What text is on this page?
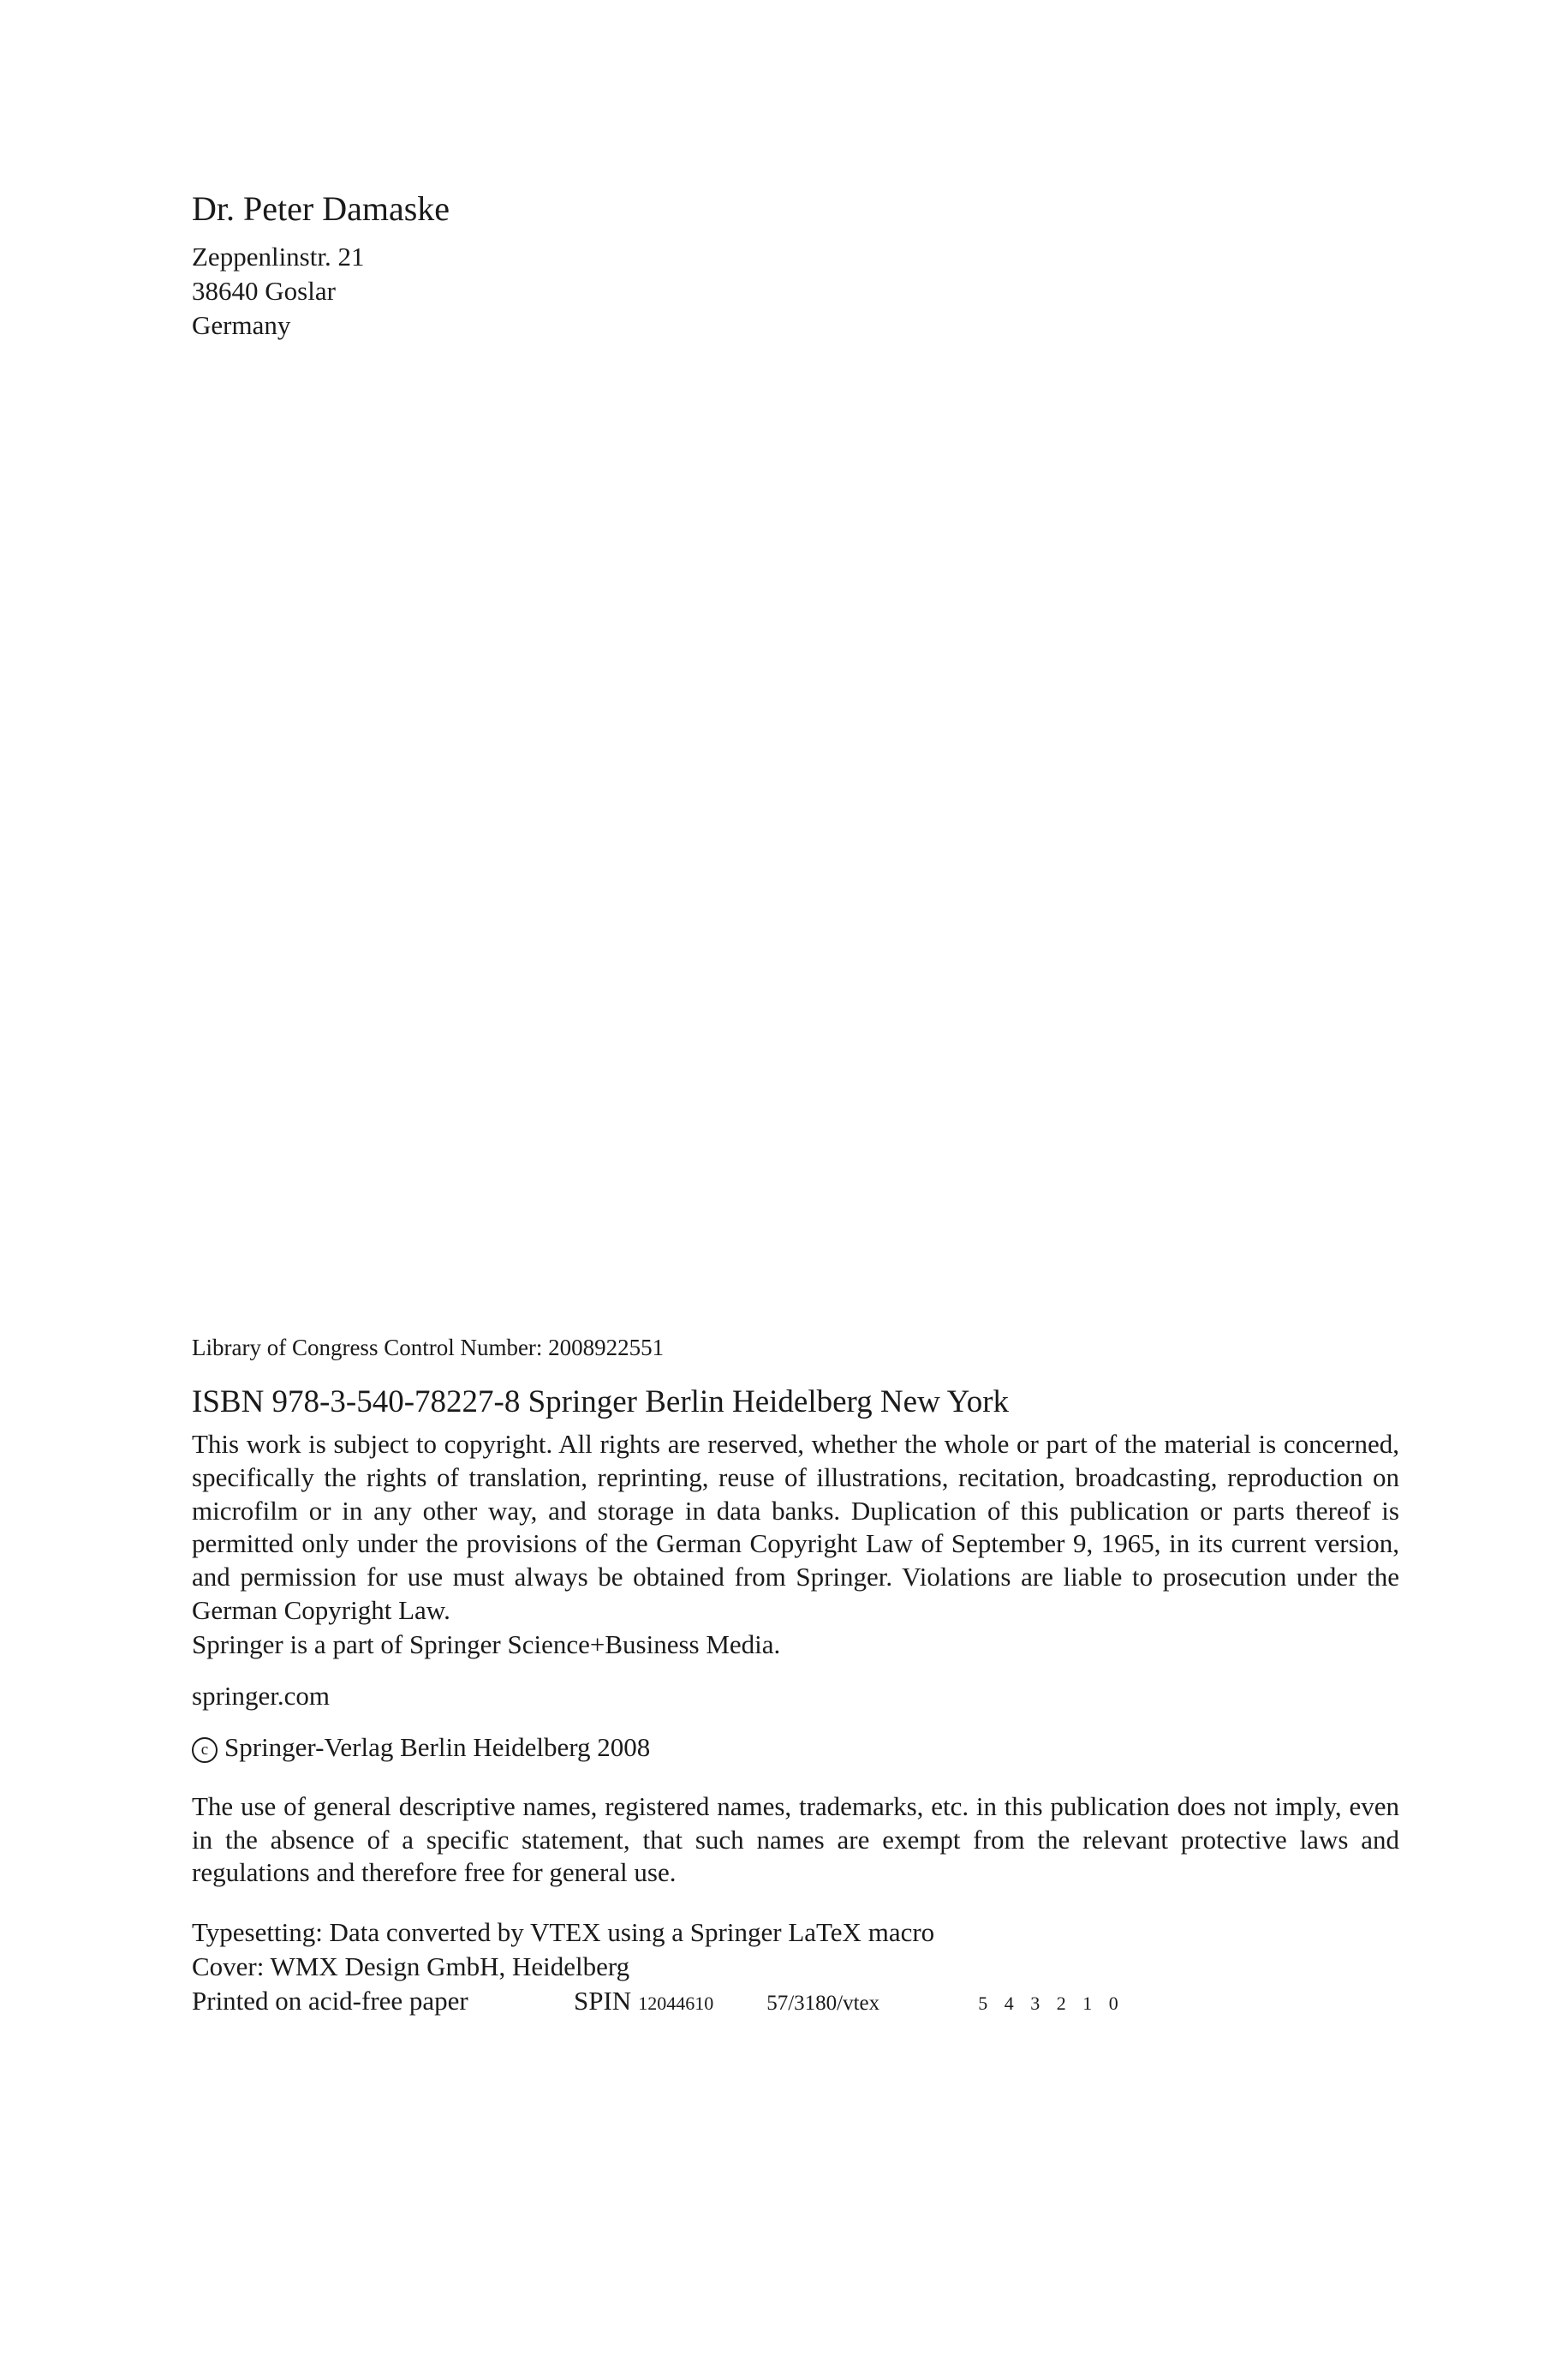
Dr. Peter Damaske

Zeppenlinstr. 21

38640 Goslar

Germany

Library of Congress Control Number: 2008922551

ISBN 978-3-540-78227-8 Springer Berlin Heidelberg New York

This work is subject to copyright. All rights are reserved, whether the whole or part of the material is concerned, specifically the rights of translation, reprinting, reuse of illustrations, recitation, broadcasting, reproduction on microfilm or in any other way, and storage in data banks. Duplication of this publication or parts thereof is permitted only under the provisions of the German Copyright Law of September 9, 1965, in its current version, and permission for use must always be obtained from Springer. Violations are liable to prosecution under the German Copyright Law.

Springer is a part of Springer Science+Business Media.

springer.com

c Springer-Verlag Berlin Heidelberg 2008

The use of general descriptive names, registered names, trademarks, etc. in this publication does not imply, even in the absence of a specific statement, that such names are exempt from the relevant protective laws and regulations and therefore free for general use.

Typesetting: Data converted by VTEX using a Springer LaTeX macro

Cover: WMX Design GmbH, Heidelberg

Printed on acid-free paper	SPIN 12044610 57/3180/vtex	5 4 3 2 1 0
